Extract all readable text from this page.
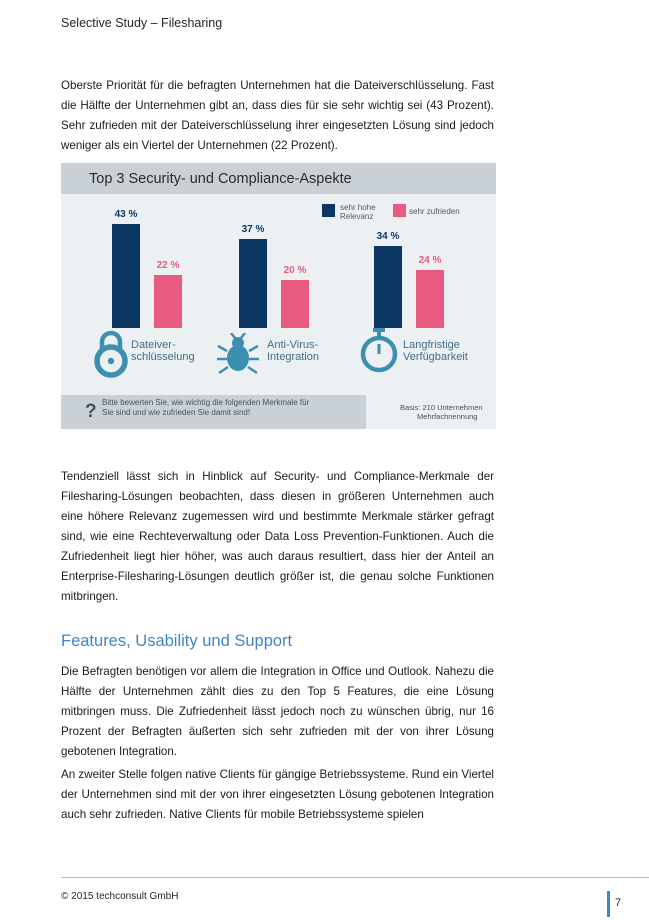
Selective Study – Filesharing
Oberste Priorität für die befragten Unternehmen hat die Dateiverschlüsselung. Fast die Hälfte der Unternehmen gibt an, dass dies für sie sehr wichtig sei (43 Prozent). Sehr zufrieden mit der Dateiverschlüsselung ihrer eingesetzten Lösung sind jedoch weniger als ein Viertel der Unternehmen (22 Prozent).
Top 3 Security- und Compliance-Aspekte
sehr hohe
Relevanz
sehr zufrieden
43 %
37 %
34 %
22 %	20 %
24 %
Dateiver-
schlüsselung
Anti-Virus-
Integration
Langfristige
Verfügbarkeit
? Bitte bewerten Sie, wie wichtig die folgenden Merkmale für Sie sind und wie zufrieden Sie damit sind!	Basis: 210 Unternehmen
Mehrfachnennung
Tendenziell lässt sich in Hinblick auf Security- und Compliance-Merkmale der Filesharing-Lösungen beobachten, dass diesen in größeren Unternehmen auch eine höhere Relevanz zugemessen wird und bestimmte Merkmale stärker gefragt sind, wie eine Rechteverwaltung oder Data Loss Prevention-Funktionen. Auch die Zufriedenheit liegt hier höher, was auch daraus resultiert, dass hier der Anteil an Enterprise-Filesharing-Lösungen deutlich größer ist, die genau solche Funktionen mitbringen.
Features, Usability und Support
Die Befragten benötigen vor allem die Integration in Office und Outlook. Nahezu die Hälfte der Unternehmen zählt dies zu den Top 5 Features, die eine Lösung mitbringen muss. Die Zufriedenheit lässt jedoch noch zu wünschen übrig, nur 16 Prozent der Befragten äußerten sich sehr zufrieden mit der von ihrer Lösung gebotenen Integration.
An zweiter Stelle folgen native Clients für gängige Betriebssysteme. Rund ein Viertel der Unternehmen sind mit der von ihrer eingesetzten Lösung gebotenen Integration auch sehr zufrieden. Native Clients für mobile Betriebssysteme spielen
© 2015 techconsult GmbH
7
